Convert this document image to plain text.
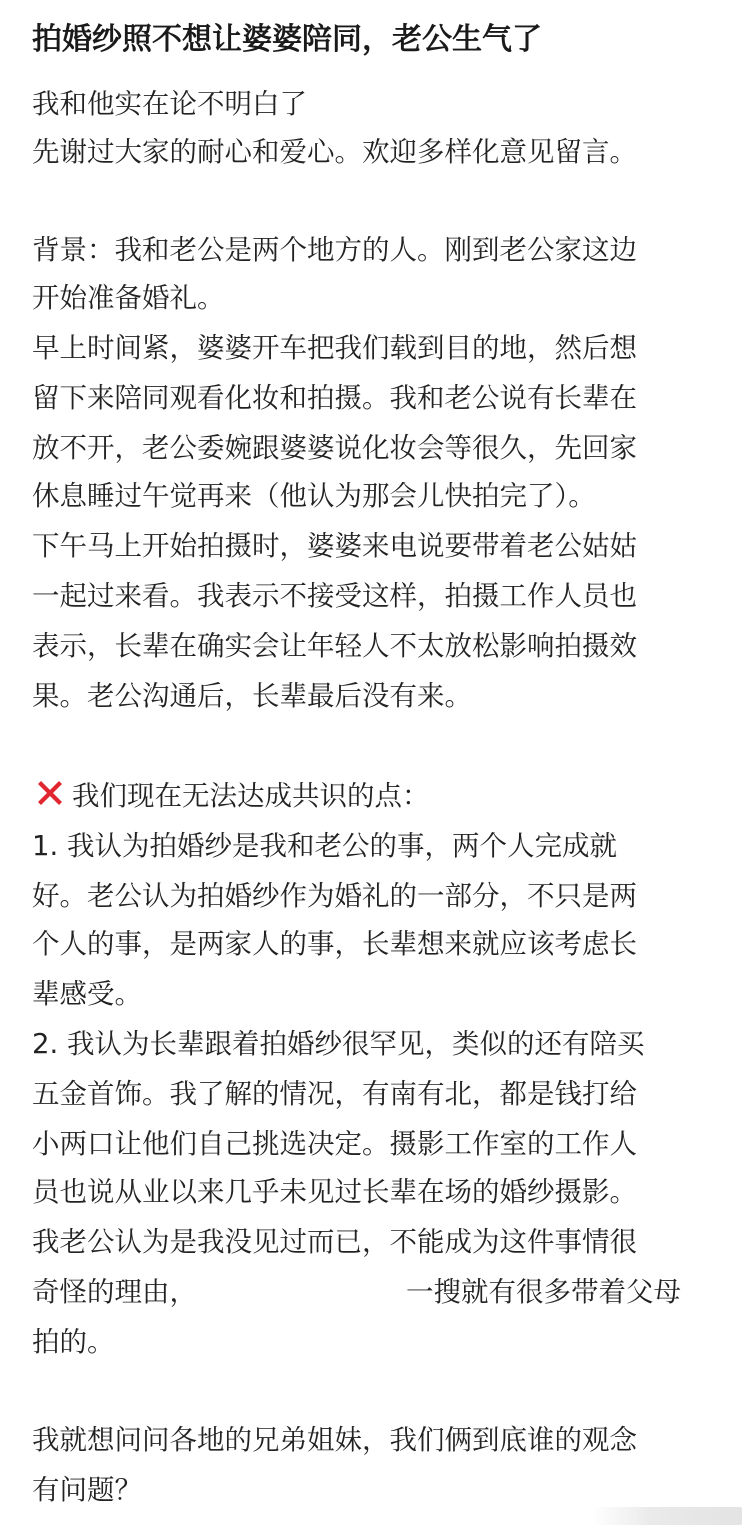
拍婚纱照不想让婆婆陪同，老公生气了
我和他实在论不明白了
先谢过大家的耐心和爱心。欢迎多样化意见留言。
背景：我和老公是两个地方的人。刚到老公家这边
开始准备婚礼。
早上时间紧，婆婆开车把我们载到目的地，然后想
留下来陪同观看化妆和拍摄。我和老公说有长辈在
放不开，老公委婉跟婆婆说化妆会等很久，先回家
休息睡过午觉再来（他认为那会儿快拍完了）。
下午马上开始拍摄时，婆婆来电说要带着老公姑姑
一起过来看。我表示不接受这样，拍摄工作人员也
表示，长辈在确实会让年轻人不太放松影响拍摄效
果。老公沟通后，长辈最后没有来。
我们现在无法达成共识的点：
1. 我认为拍婚纱是我和老公的事，两个人完成就
好。老公认为拍婚纱作为婚礼的一部分，不只是两
个人的事，是两家人的事，长辈想来就应该考虑长
辈感受。
2. 我认为长辈跟着拍婚纱很罕见，类似的还有陪买
五金首饰。我了解的情况，有南有北，都是钱打给
小两口让他们自己挑选决定。摄影工作室的工作人
员也说从业以来几乎未见过长辈在场的婚纱摄影。
我老公认为是我没见过而已，不能成为这件事情很
奇怪的理由，	一搜就有很多带着父母
拍的。
我就想问问各地的兄弟姐妹，我们俩到底谁的观念
有问题？
